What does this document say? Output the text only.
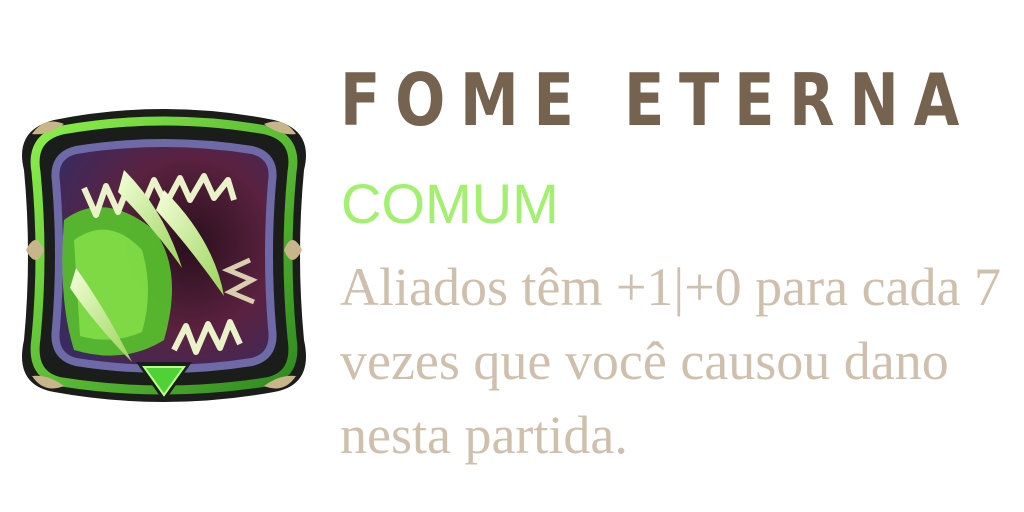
FOME ETERNA
COMUM

Aliados têm +1|+0 para cada 7 vezes que você causou dano nesta partida.
